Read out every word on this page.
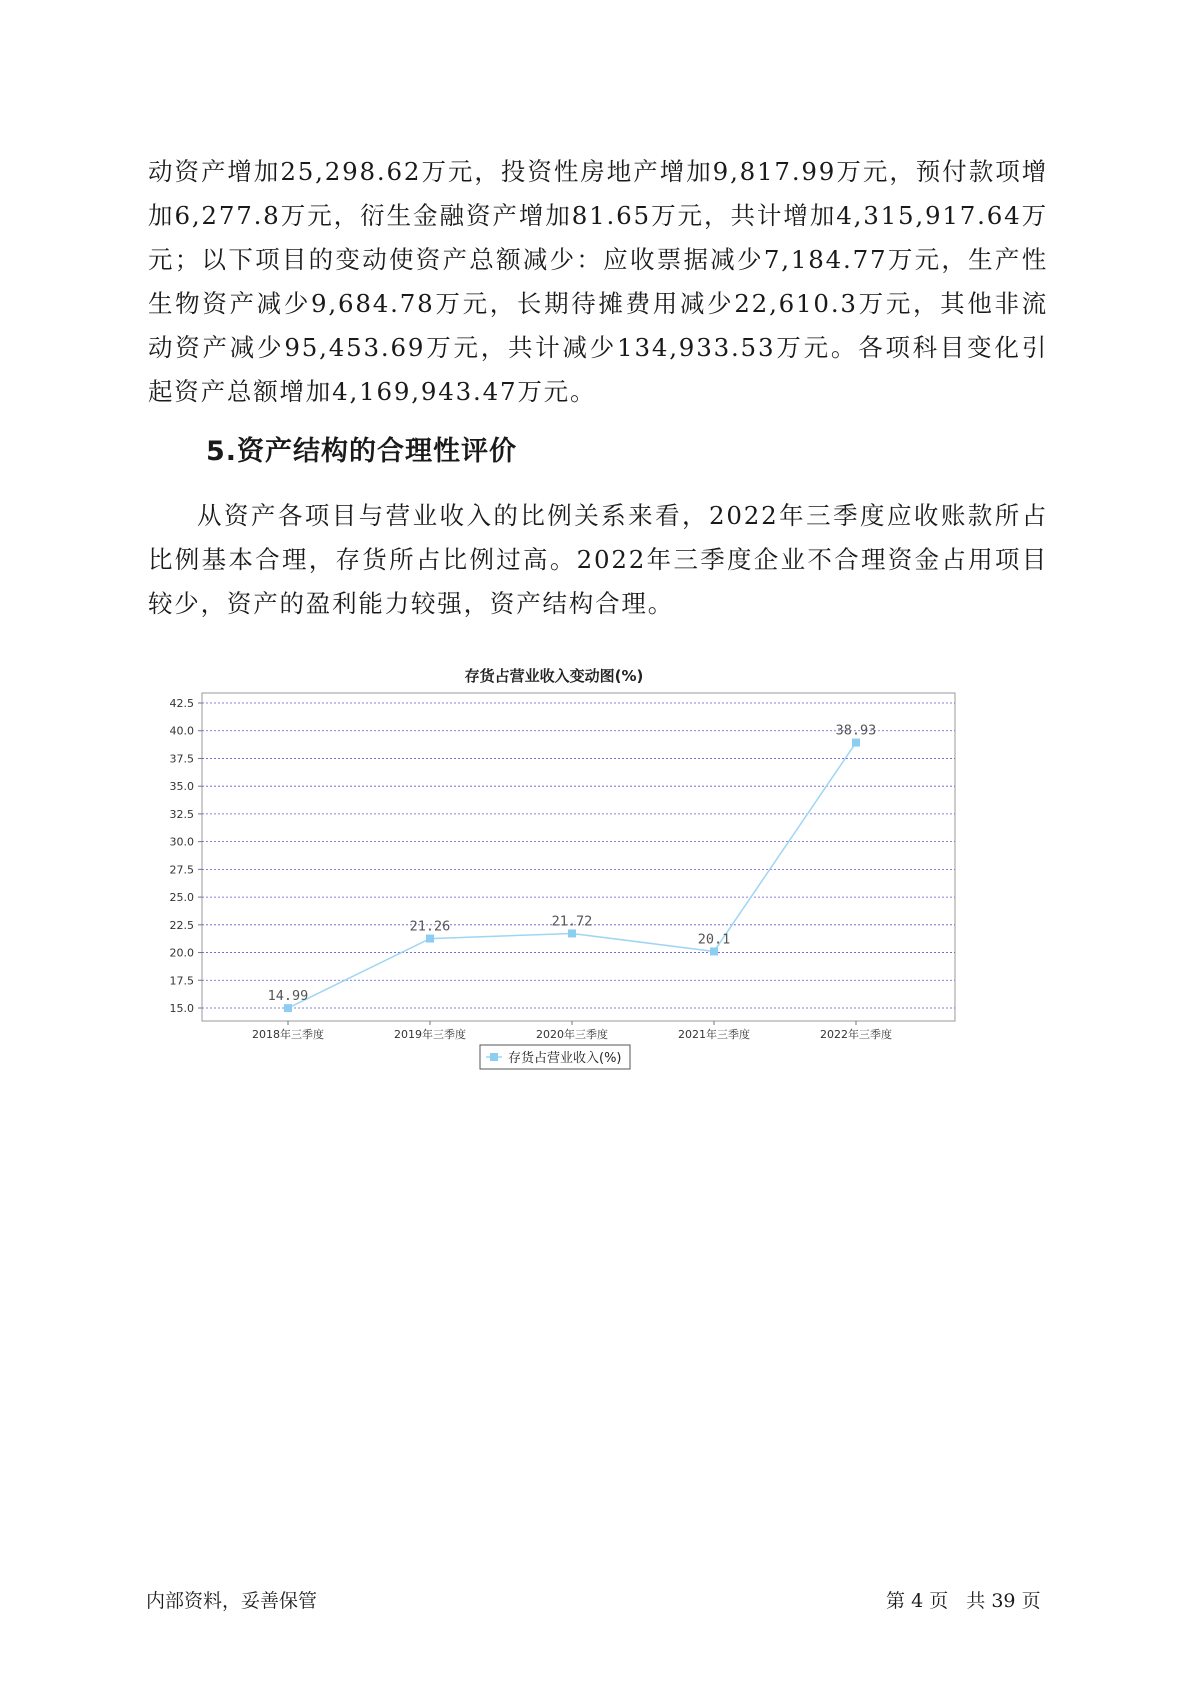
动资产增加25,298.62万元，投资性房地产增加9,817.99万元，预付款项增加6,277.8万元，衍生金融资产增加81.65万元，共计增加4,315,917.64万元；以下项目的变动使资产总额减少：应收票据减少7,184.77万元，生产性生物资产减少9,684.78万元，长期待摊费用减少22,610.3万元，其他非流动资产减少95,453.69万元，共计减少134,933.53万元。各项科目变化引起资产总额增加4,169,943.47万元。

5.资产结构的合理性评价

从资产各项目与营业收入的比例关系来看，2022年三季度应收账款所占比例基本合理，存货所占比例过高。2022年三季度企业不合理资金占用项目较少，资产的盈利能力较强，资产结构合理。

存货占营业收入变动图(%)
15.0
17.5
20.0
22.5
25.0
27.5
30.0
32.5
35.0
37.5
40.0
42.5
2018年三季度	2019年三季度	2020年三季度	2021年三季度	2022年三季度
14.99
21.26	21.72
20.1
38.93
存货占营业收入(%)
内部资料，妥善保管	第 4 页 共 39 页
